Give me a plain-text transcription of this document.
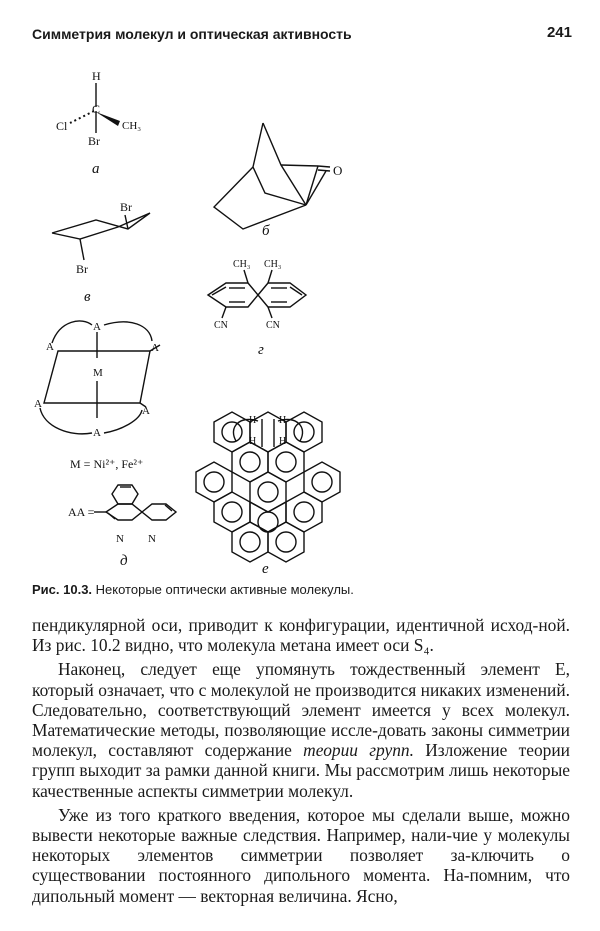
Симметрия молекул и оптическая активность	241
H
C
Cl	CH₃
Br
а	O
б
Br
Br
в
CH₃ CH₃
CN	CN
г
A
A	A
M
A
A
A
M = Ni²⁺, Fe²⁺
AA =
N N
д
H H
H H
е
Рис. 10.3. Некоторые оптически активные молекулы.

пендикулярной оси, приводит к конфигурации, идентичной исход-ной. Из рис. 10.2 видно, что молекула метана имеет оси S₄.

Наконец, следует еще упомянуть тождественный элемент E, который означает, что с молекулой не производится никаких изменений. Следовательно, соответствующий элемент имеется у всех молекул. Математические методы, позволяющие иссле-довать законы симметрии молекул, составляют содержание теории групп. Изложение теории групп выходит за рамки данной книги. Мы рассмотрим лишь некоторые качественные аспекты симметрии молекул.

Уже из того краткого введения, которое мы сделали выше, можно вывести некоторые важные следствия. Например, нали-чие у молекулы некоторых элементов симметрии позволяет за-ключить о существовании постоянного дипольного момента. На-помним, что дипольный момент — векторная величина. Ясно,
